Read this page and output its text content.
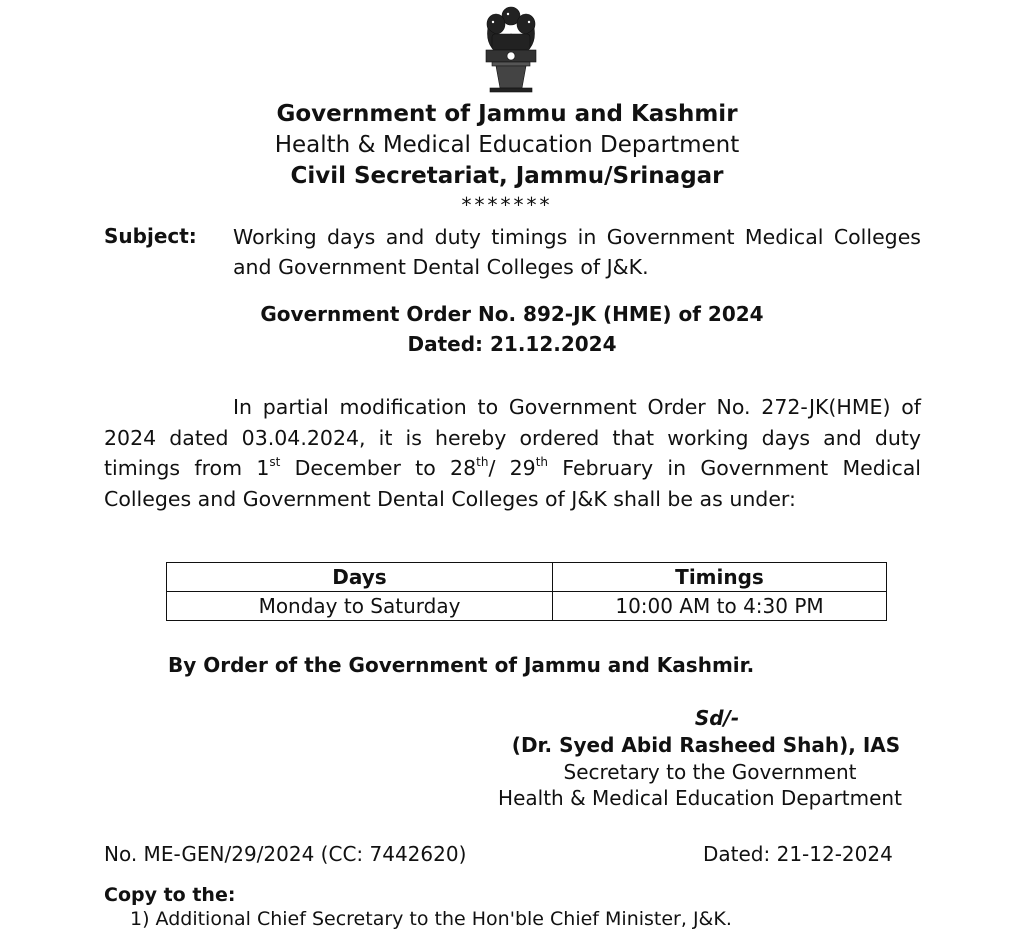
Government of Jammu and Kashmir
Health & Medical Education Department
Civil Secretariat, Jammu/Srinagar
*******
Subject: Working days and duty timings in Government Medical Colleges and Government Dental Colleges of J&K.
Government Order No. 892-JK (HME) of 2024
Dated: 21.12.2024
In partial modification to Government Order No. 272-JK(HME) of 2024 dated 03.04.2024, it is hereby ordered that working days and duty timings from 1st December to 28th/ 29th February in Government Medical Colleges and Government Dental Colleges of J&K shall be as under:
Days	Timings
Monday to Saturday	10:00 AM to 4:30 PM
By Order of the Government of Jammu and Kashmir.
Sd/-
(Dr. Syed Abid Rasheed Shah), IAS
Secretary to the Government
Health & Medical Education Department
No. ME-GEN/29/2024 (CC: 7442620)	Dated: 21-12-2024
Copy to the:
1) Additional Chief Secretary to the Hon'ble Chief Minister, J&K.
